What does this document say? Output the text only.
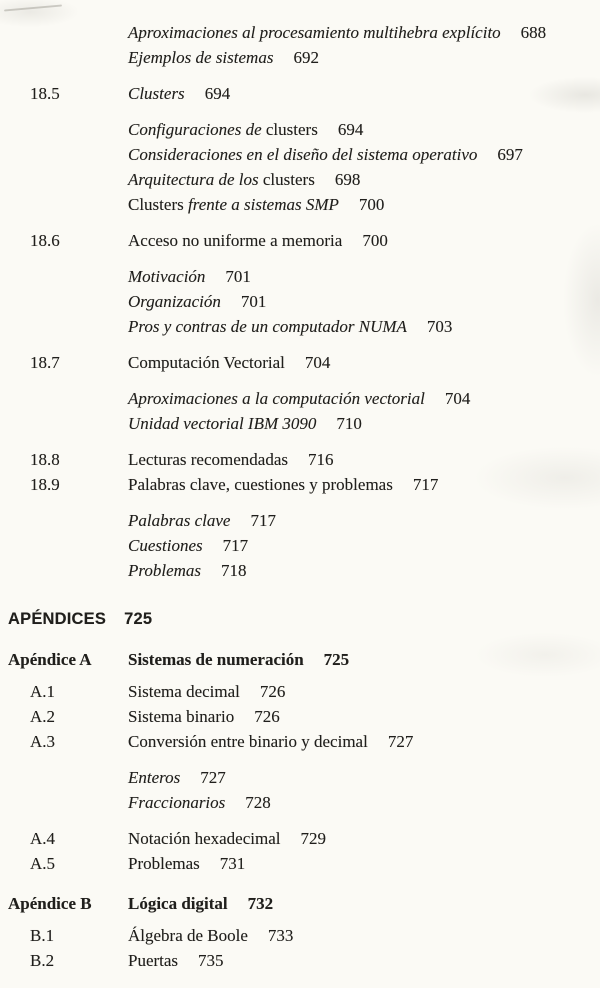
Aproximaciones al procesamiento multihebra explícito 688
Ejemplos de sistemas 692
18.5	Clusters 694
Configuraciones de clusters 694
Consideraciones en el diseño del sistema operativo 697
Arquitectura de los clusters 698
Clusters frente a sistemas SMP 700
18.6	Acceso no uniforme a memoria 700
Motivación 701
Organización 701
Pros y contras de un computador NUMA 703
18.7	Computación Vectorial 704
Aproximaciones a la computación vectorial 704
Unidad vectorial IBM 3090 710
18.8	Lecturas recomendadas 716
18.9	Palabras clave, cuestiones y problemas 717
Palabras clave 717
Cuestiones 717
Problemas 718
APÉNDICES 725
Apéndice A Sistemas de numeración 725
A.1	Sistema decimal 726
A.2	Sistema binario 726
A.3	Conversión entre binario y decimal 727
Enteros 727
Fraccionarios 728
A.4	Notación hexadecimal 729
A.5	Problemas 731
Apéndice B Lógica digital 732
B.1	Álgebra de Boole 733
B.2	Puertas 735
